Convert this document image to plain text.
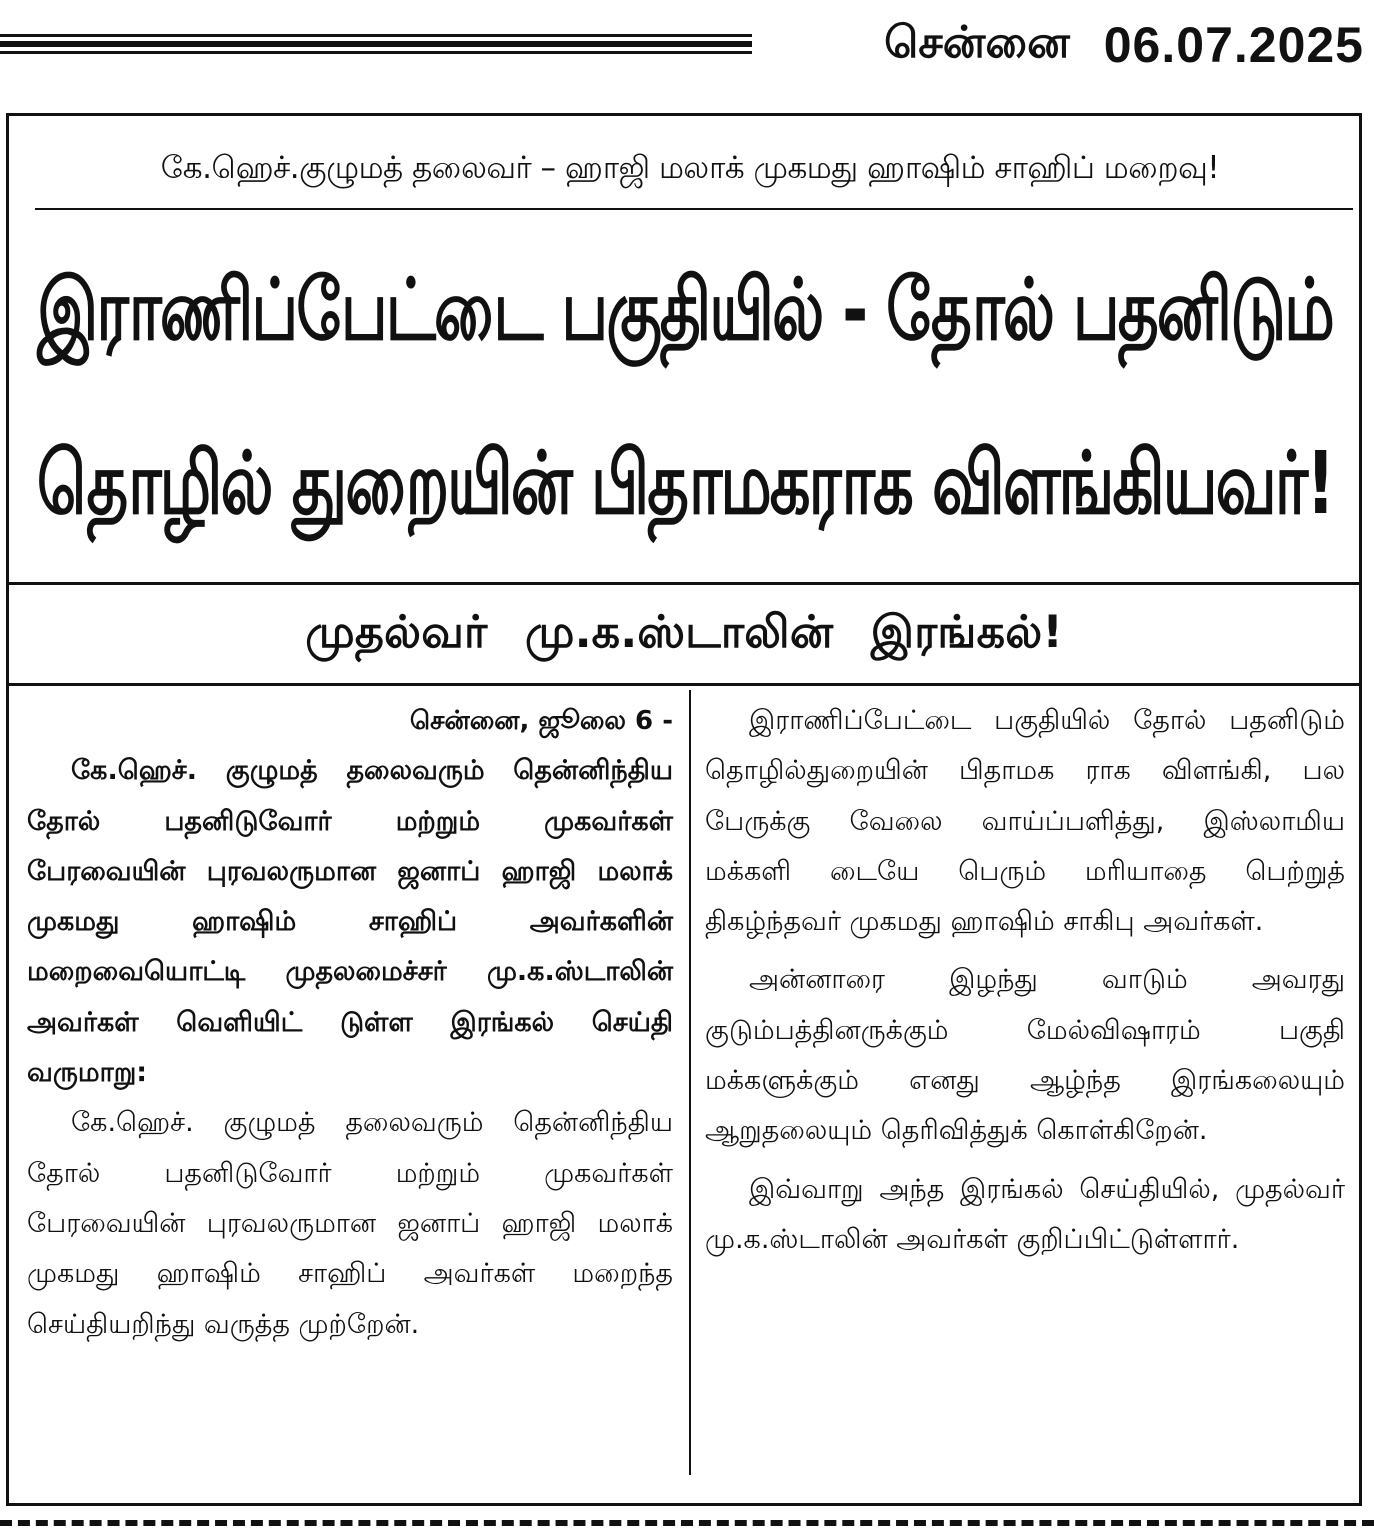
சென்னை 06.07.2025
கே.ஹெச்.குழுமத் தலைவர் – ஹாஜி மலாக் முகமது ஹாஷிம் சாஹிப் மறைவு!
இராணிப்பேட்டை பகுதியில் - தோல் பதனிடும்
தொழில் துறையின் பிதாமகராக விளங்கியவர்!
முதல்வர் மு.க.ஸ்டாலின் இரங்கல்!
சென்னை, ஜூலை 6 -

கே.ஹெச். குழுமத் தலைவரும் தென்னிந்திய தோல் பதனிடுவோர் மற்றும் முகவர்கள் பேரவையின் புரவலருமான ஜனாப் ஹாஜி மலாக் முகமது ஹாஷிம் சாஹிப் அவர்களின் மறைவையொட்டி முதலமைச்சர் மு.க.ஸ்டாலின் அவர்கள் வெளியிட் டுள்ள இரங்கல் செய்தி வருமாறு:

கே.ஹெச். குழுமத் தலைவரும் தென்னிந்திய தோல் பதனிடுவோர் மற்றும் முகவர்கள் பேரவையின் புரவலருமான ஜனாப் ஹாஜி மலாக் முகமது ஹாஷிம் சாஹிப் அவர்கள் மறைந்த செய்தியறிந்து வருத்த முற்றேன்.

இராணிப்பேட்டை பகுதியில் தோல் பதனிடும் தொழில்துறையின் பிதாமக ராக விளங்கி, பல பேருக்கு வேலை வாய்ப்பளித்து, இஸ்லாமிய மக்களி டையே பெரும் மரியாதை பெற்றுத் திகழ்ந்தவர் முகமது ஹாஷிம் சாகிபு அவர்கள்.

அன்னாரை இழந்து வாடும் அவரது குடும்பத்தினருக்கும் மேல்விஷாரம் பகுதி மக்களுக்கும் எனது ஆழ்ந்த இரங்கலையும் ஆறுதலையும் தெரிவித்துக் கொள்கிறேன்.

இவ்வாறு அந்த இரங்கல் செய்தியில், முதல்வர் மு.க.ஸ்டாலின் அவர்கள் குறிப்பிட்டுள்ளார்.
